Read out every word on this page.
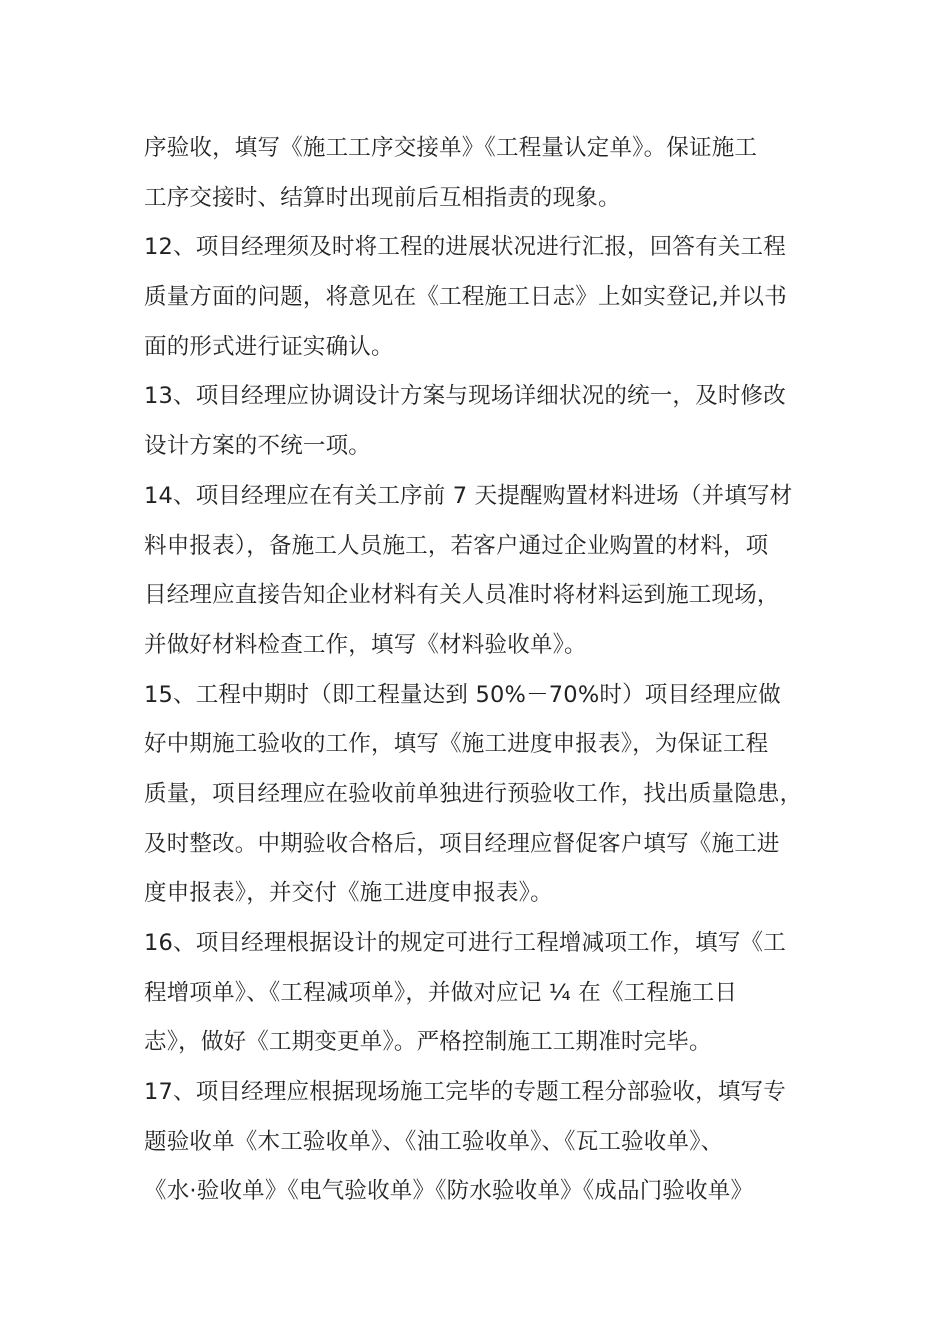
序验收，填写《施工工序交接单》《工程量认定单》。保证施工
工序交接时、结算时出现前后互相指责的现象。
12、项目经理须及时将工程的进展状况进行汇报，回答有关工程
质量方面的问题，将意见在《工程施工日志》上如实登记,并以书
面的形式进行证实确认。
13、项目经理应协调设计方案与现场详细状况的统一，及时修改
设计方案的不统一项。
14、项目经理应在有关工序前 7 天提醒购置材料进场（并填写材
料申报表），备施工人员施工，若客户通过企业购置的材料，项
目经理应直接告知企业材料有关人员准时将材料运到施工现场，
并做好材料检查工作，填写《材料验收单》。
15、工程中期时（即工程量达到 50%－70%时）项目经理应做
好中期施工验收的工作，填写《施工进度申报表》，为保证工程
质量，项目经理应在验收前单独进行预验收工作，找出质量隐患，
及时整改。中期验收合格后，项目经理应督促客户填写《施工进
度申报表》，并交付《施工进度申报表》。
16、项目经理根据设计的规定可进行工程增减项工作，填写《工
程增项单》、《工程减项单》，并做对应记 ¼ 在《工程施工日
志》，做好《工期变更单》。严格控制施工工期准时完毕。
17、项目经理应根据现场施工完毕的专题工程分部验收，填写专
题验收单《木工验收单》、《油工验收单》、《瓦工验收单》、
《水·验收单》《电气验收单》《防水验收单》《成品门验收单》
